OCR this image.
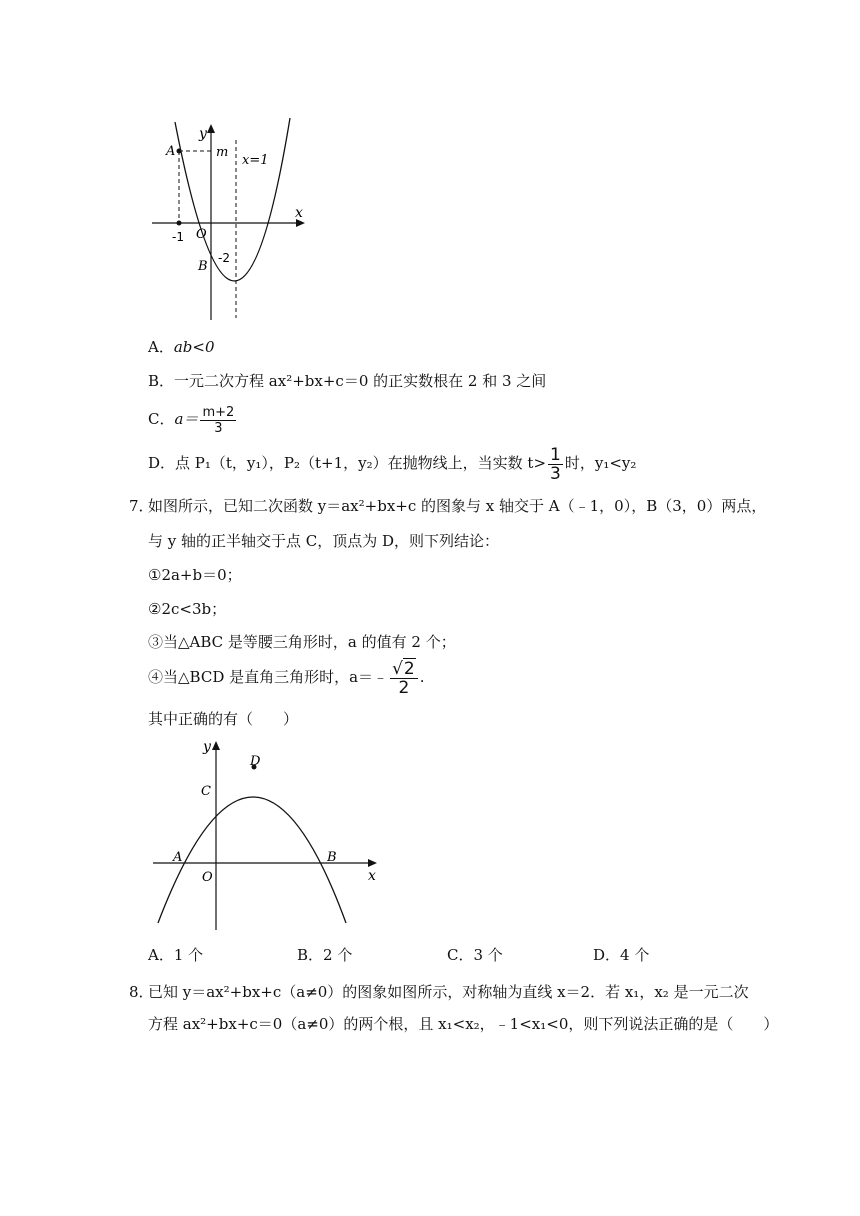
y
x
O
A
B
m
x=1
-1
-2
A．ab<0
B．一元二次方程 ax²+bx+c＝0 的正实数根在 2 和 3 之间
C．$a= \frac{m+2}{3}$
D．点 P₁（t，y₁），P₂（t+1，y₂）在抛物线上，当实数 $t> \frac{1}{3}$ 时，y₁<y₂
7．
如图所示，已知二次函数 y＝ax²+bx+c 的图象与 x 轴交于 A（﹣1，0），B（3，0）两点，
与 y 轴的正半轴交于点 C，顶点为 D，则下列结论：
①2a+b＝0；
②2c<3b；
③当△ABC 是等腰三角形时，a 的值有 2 个；
④当△BCD 是直角三角形时，a＝﹣ $\frac{√2}{2}$ .
其中正确的有（　　）
y
x
O
A	B
C
D
A．1 个	B．2 个	C．3 个	D．4 个
8．
已知 y＝ax²+bx+c（a≠0）的图象如图所示，对称轴为直线 x＝2．若 x₁，x₂ 是一元二次
方程 ax²+bx+c＝0（a≠0）的两个根，且 x₁<x₂，﹣1<x₁<0，则下列说法正确的是（　　）
